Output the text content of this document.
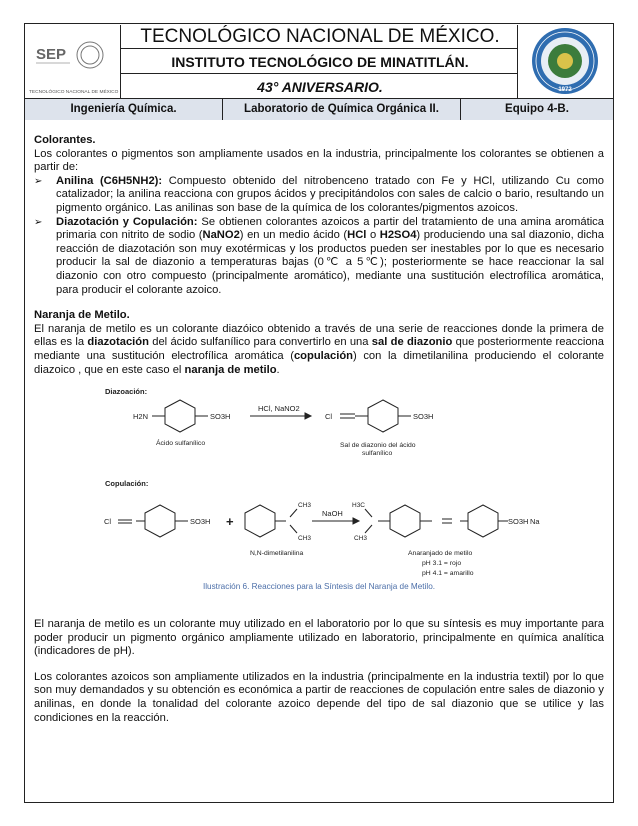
SEP
TECNOLÓGICO NACIONAL DE MÉXICO
TECNOLÓGICO NACIONAL DE MÉXICO.
INSTITUTO TECNOLÓGICO DE MINATITLÁN.
43° ANIVERSARIO.	1972
Ingeniería Química.	Laboratorio de Química Orgánica II.	Equipo 4-B.

Colorantes.

Los colorantes o pigmentos son ampliamente usados en la industria, principalmente los colorantes se obtienen a partir de:

➢	Anilina (C6H5NH2): Compuesto obtenido del nitrobenceno tratado con Fe y HCl, utilizando Cu como catalizador; la anilina reacciona con grupos ácidos y precipitándolos con sales de calcio o bario, resultando un pigmento orgánico. Las anilinas son base de la química de los colorantes/pigmentos azoicos.

➢	Diazotación y Copulación: Se obtienen colorantes azoicos a partir del tratamiento de una amina aromática primaria con nitrito de sodio (NaNO2) en un medio ácido (HCl o H2SO4) produciendo una sal diazonio, dicha reacción de diazotación son muy exotérmicas y los productos pueden ser inestables por lo que es necesario producir la sal de diazonio a temperaturas bajas (0℃ a 5℃); posteriormente se hace reaccionar la sal diazonio con otro compuesto (principalmente aromático), mediante una sustitución electrofílica aromática, para producir el colorante azoico.

Naranja de Metilo.

El naranja de metilo es un colorante diazóico obtenido a través de una serie de reacciones donde la primera de ellas es la diazotación del ácido sulfanílico para convertirlo en una sal de diazonio que posteriormente reacciona mediante una sustitución electrofílica aromática (copulación) con la dimetilanilina produciendo el colorante diazoico , que en este caso el naranja de metilo.

Diazoación:
H2N	SO3H
HCl, NaNO2
Ácido sulfanílico
Cl	SO3H
Sal de diazonio del ácido
sulfanílico
Copulación:
Cl	SO3H +
CH3
CH3
NaOH
N,N-dimetilanilina
H3C
CH3
SO3H Na
Anaranjado de metilo
pH 3.1 = rojo
pH 4.1 = amarillo
Ilustración 6. Reacciones para la Síntesis del Naranja de Metilo.

El naranja de metilo es un colorante muy utilizado en el laboratorio por lo que su síntesis es muy importante para poder producir un pigmento orgánico ampliamente utilizado en laboratorio, principalmente en química analítica (indicadores de pH).

Los colorantes azoicos son ampliamente utilizados en la industria (principalmente en la industria textil) por lo que son muy demandados y su obtención es económica a partir de reacciones de copulación entre sales de diazonio y anilinas, en donde la tonalidad del colorante azoico depende del tipo de sal diazonio que se utilice y las condiciones en la reacción.
